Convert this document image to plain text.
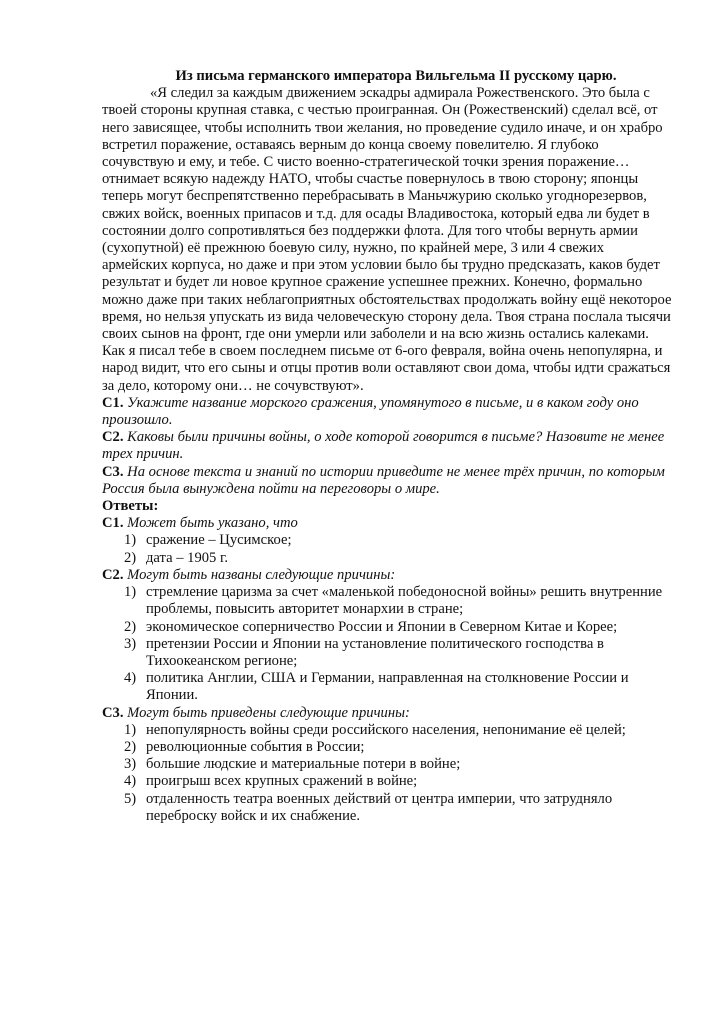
Из письма германского императора Вильгельма II русскому царю.

«Я следил за каждым движением эскадры адмирала Рожественского. Это была с твоей стороны крупная ставка, с честью проигранная. Он (Рожественский) сделал всё, от него зависящее, чтобы исполнить твои желания, но проведение судило иначе, и он храбро встретил поражение, оставаясь верным до конца своему повелителю. Я глубоко сочувствую и ему, и тебе. С чисто военно-стратегической точки зрения поражение… отнимает всякую надежду НАТО, чтобы счастье повернулось в твою сторону; японцы теперь могут беспрепятственно перебрасывать в Маньчжурию сколько угоднорезервов, свжих войск, военных припасов и т.д. для осады Владивостока, который едва ли будет в состоянии долго сопротивляться без поддержки флота. Для того чтобы вернуть армии (сухопутной) её прежнюю боевую силу, нужно, по крайней мере, 3 или 4 свежих армейских корпуса, но даже и при этом условии было бы трудно предсказать, каков будет результат и будет ли новое крупное сражение успешнее прежних. Конечно, формально можно даже при таких неблагоприятных обстоятельствах продолжать войну ещё некоторое время, но нельзя упускать из вида человеческую сторону дела. Твоя страна послала тысячи своих сынов на фронт, где они умерли или заболели и на всю жизнь остались калеками. Как я писал тебе в своем последнем письме от 6-ого февраля, война очень непопулярна, и народ видит, что его сыны и отцы против воли оставляют свои дома, чтобы идти сражаться за дело, которому они… не сочувствуют».

С1. Укажите название морского сражения, упомянутого в письме, и в каком году оно произошло.

С2. Каковы были причины войны, о ходе которой говорится в письме? Назовите не менее трех причин.

С3. На основе текста и знаний по истории приведите не менее трёх причин, по которым Россия была вынуждена пойти на переговоры о мире.

Ответы:

С1. Может быть указано, что

1) сражение – Цусимское;
2) дата – 1905 г.

С2. Могут быть названы следующие причины:

1) стремление царизма за счет «маленькой победоносной войны» решить внутренние проблемы, повысить авторитет монархии в стране;
2) экономическое соперничество России и Японии в Северном Китае и Корее;
3) претензии России и Японии на установление политического господства в Тихоокеанском регионе;
4) политика Англии, США и Германии, направленная на столкновение России и Японии.

С3. Могут быть приведены следующие причины:

1) непопулярность войны среди российского населения, непонимание её целей;
2) революционные события в России;
3) большие людские и материальные потери в войне;
4) проигрыш всех крупных сражений в войне;
5) отдаленность театра военных действий от центра империи, что затрудняло переброску войск и их снабжение.
